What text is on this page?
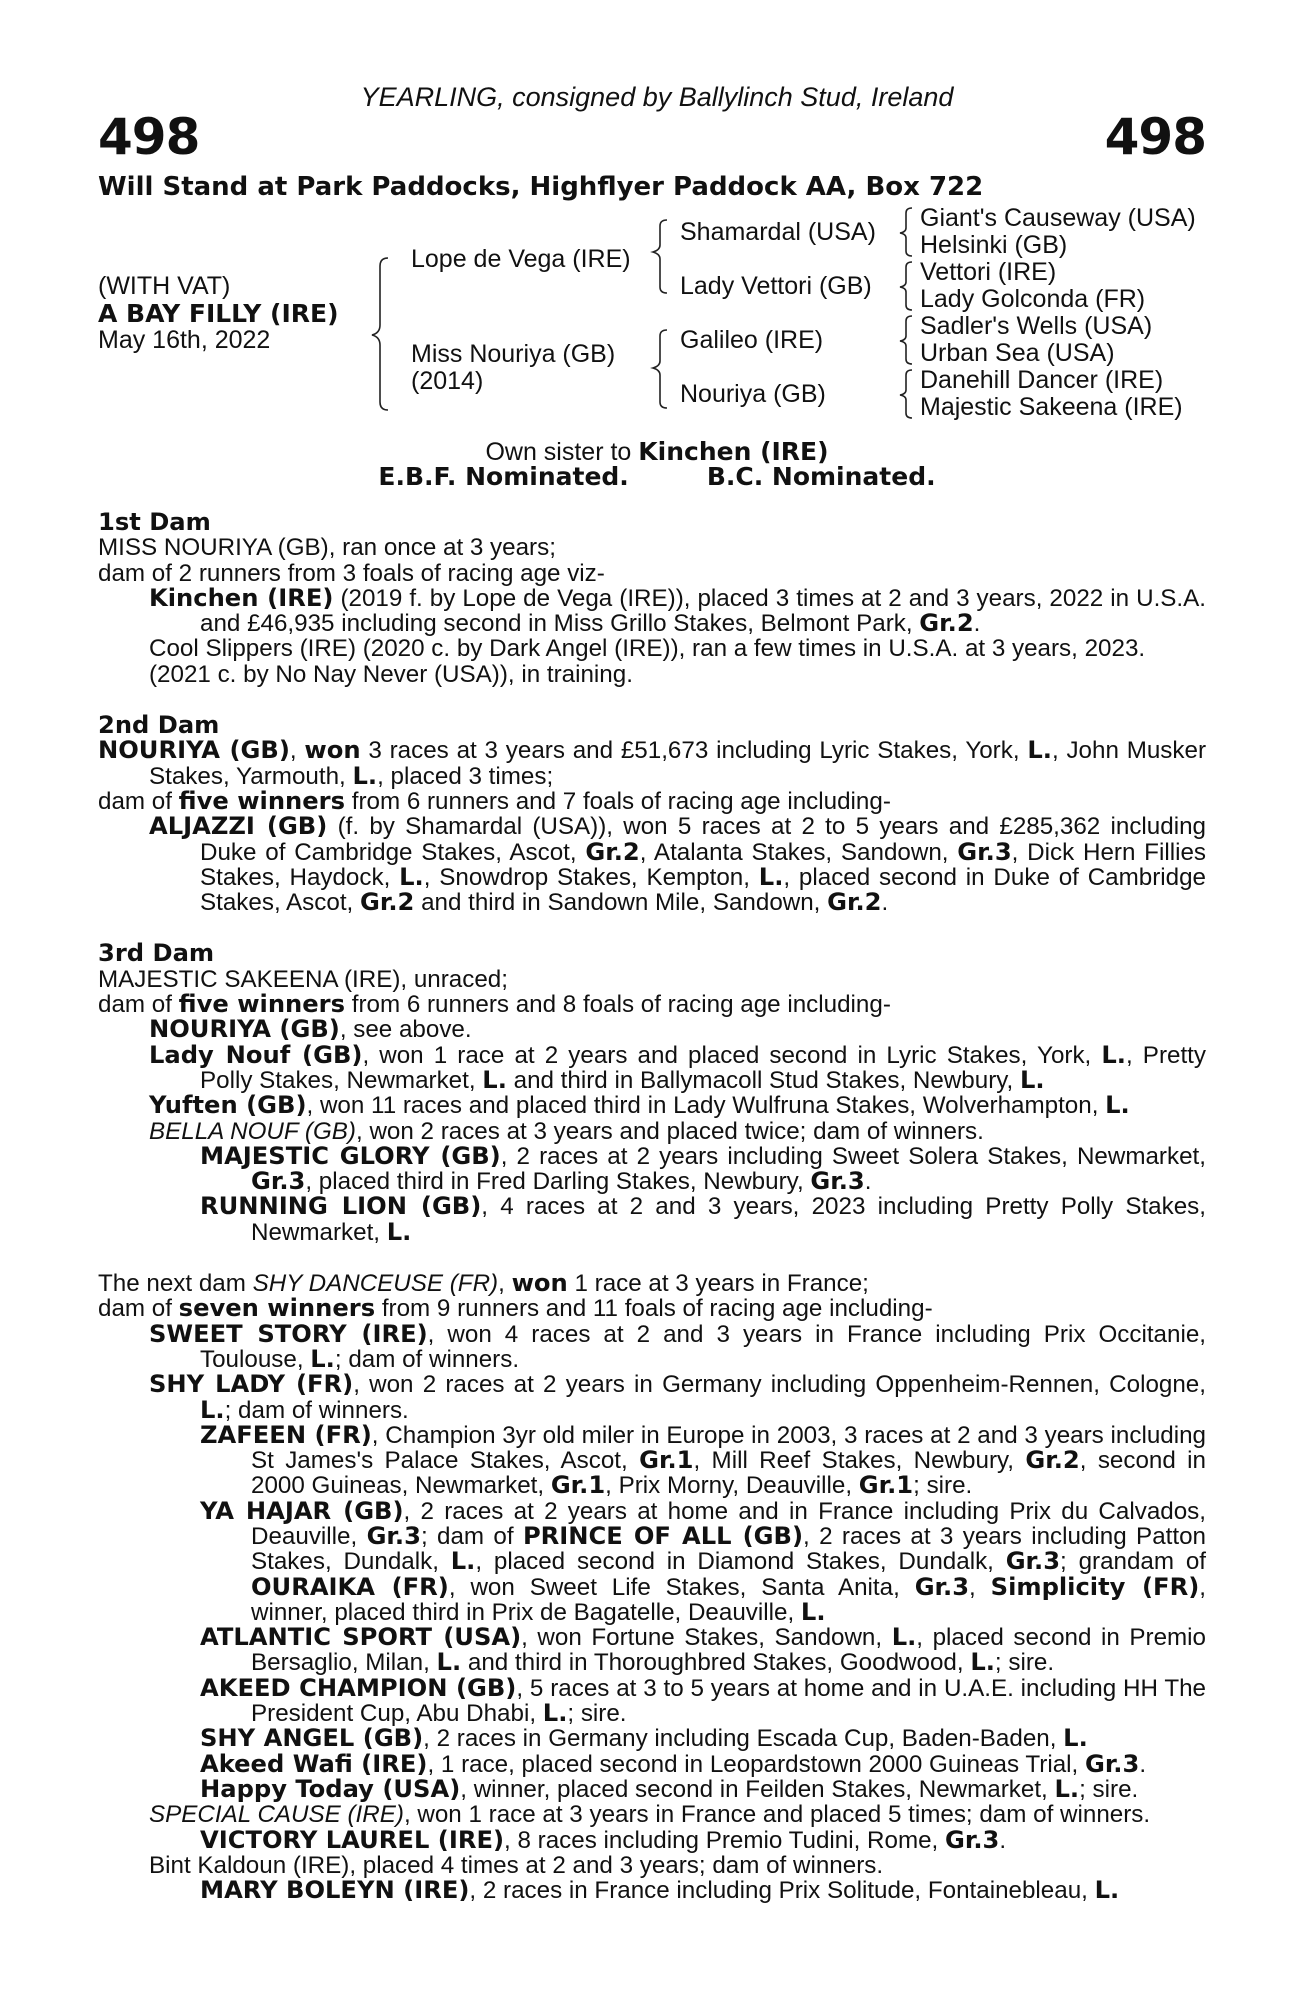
YEARLING, consigned by Ballylinch Stud, Ireland
498	498
Will Stand at Park Paddocks, Highflyer Paddock AA, Box 722
(WITH VAT)
A BAY FILLY (IRE)
May 16th, 2022
Lope de Vega (IRE)
Miss Nouriya (GB)
(2014)
Shamardal (USA)
Lady Vettori (GB)
Galileo (IRE)
Nouriya (GB)
Giant's Causeway (USA)
Helsinki (GB)
Vettori (IRE)
Lady Golconda (FR)
Sadler's Wells (USA)
Urban Sea (USA)
Danehill Dancer (IRE)
Majestic Sakeena (IRE)
Own sister to Kinchen (IRE)
E.B.F. Nominated.	B.C. Nominated.
1st Dam
MISS NOURIYA (GB), ran once at 3 years;
dam of 2 runners from 3 foals of racing age viz-
Kinchen (IRE) (2019 f. by Lope de Vega (IRE)), placed 3 times at 2 and 3 years, 2022 in U.S.A. and £46,935 including second in Miss Grillo Stakes, Belmont Park, Gr.2.
Cool Slippers (IRE) (2020 c. by Dark Angel (IRE)), ran a few times in U.S.A. at 3 years, 2023.
(2021 c. by No Nay Never (USA)), in training.
2nd Dam
NOURIYA (GB), won 3 races at 3 years and £51,673 including Lyric Stakes, York, L., John Musker Stakes, Yarmouth, L., placed 3 times;
dam of five winners from 6 runners and 7 foals of racing age including-
ALJAZZI (GB) (f. by Shamardal (USA)), won 5 races at 2 to 5 years and £285,362 including Duke of Cambridge Stakes, Ascot, Gr.2, Atalanta Stakes, Sandown, Gr.3, Dick Hern Fillies Stakes, Haydock, L., Snowdrop Stakes, Kempton, L., placed second in Duke of Cambridge Stakes, Ascot, Gr.2 and third in Sandown Mile, Sandown, Gr.2.
3rd Dam
MAJESTIC SAKEENA (IRE), unraced;
dam of five winners from 6 runners and 8 foals of racing age including-
NOURIYA (GB), see above.
Lady Nouf (GB), won 1 race at 2 years and placed second in Lyric Stakes, York, L., Pretty Polly Stakes, Newmarket, L. and third in Ballymacoll Stud Stakes, Newbury, L.
Yuften (GB), won 11 races and placed third in Lady Wulfruna Stakes, Wolverhampton, L.
BELLA NOUF (GB), won 2 races at 3 years and placed twice; dam of winners.
MAJESTIC GLORY (GB), 2 races at 2 years including Sweet Solera Stakes, Newmarket, Gr.3, placed third in Fred Darling Stakes, Newbury, Gr.3.
RUNNING LION (GB), 4 races at 2 and 3 years, 2023 including Pretty Polly Stakes, Newmarket, L.
The next dam SHY DANCEUSE (FR), won 1 race at 3 years in France;
dam of seven winners from 9 runners and 11 foals of racing age including-
SWEET STORY (IRE), won 4 races at 2 and 3 years in France including Prix Occitanie, Toulouse, L.; dam of winners.
SHY LADY (FR), won 2 races at 2 years in Germany including Oppenheim-Rennen, Cologne, L.; dam of winners.
ZAFEEN (FR), Champion 3yr old miler in Europe in 2003, 3 races at 2 and 3 years including St James's Palace Stakes, Ascot, Gr.1, Mill Reef Stakes, Newbury, Gr.2, second in 2000 Guineas, Newmarket, Gr.1, Prix Morny, Deauville, Gr.1; sire.
YA HAJAR (GB), 2 races at 2 years at home and in France including Prix du Calvados, Deauville, Gr.3; dam of PRINCE OF ALL (GB), 2 races at 3 years including Patton Stakes, Dundalk, L., placed second in Diamond Stakes, Dundalk, Gr.3; grandam of OURAIKA (FR), won Sweet Life Stakes, Santa Anita, Gr.3, Simplicity (FR), winner, placed third in Prix de Bagatelle, Deauville, L.
ATLANTIC SPORT (USA), won Fortune Stakes, Sandown, L., placed second in Premio Bersaglio, Milan, L. and third in Thoroughbred Stakes, Goodwood, L.; sire.
AKEED CHAMPION (GB), 5 races at 3 to 5 years at home and in U.A.E. including HH The President Cup, Abu Dhabi, L.; sire.
SHY ANGEL (GB), 2 races in Germany including Escada Cup, Baden-Baden, L.
Akeed Wafi (IRE), 1 race, placed second in Leopardstown 2000 Guineas Trial, Gr.3.
Happy Today (USA), winner, placed second in Feilden Stakes, Newmarket, L.; sire.
SPECIAL CAUSE (IRE), won 1 race at 3 years in France and placed 5 times; dam of winners.
VICTORY LAUREL (IRE), 8 races including Premio Tudini, Rome, Gr.3.
Bint Kaldoun (IRE), placed 4 times at 2 and 3 years; dam of winners.
MARY BOLEYN (IRE), 2 races in France including Prix Solitude, Fontainebleau, L.
